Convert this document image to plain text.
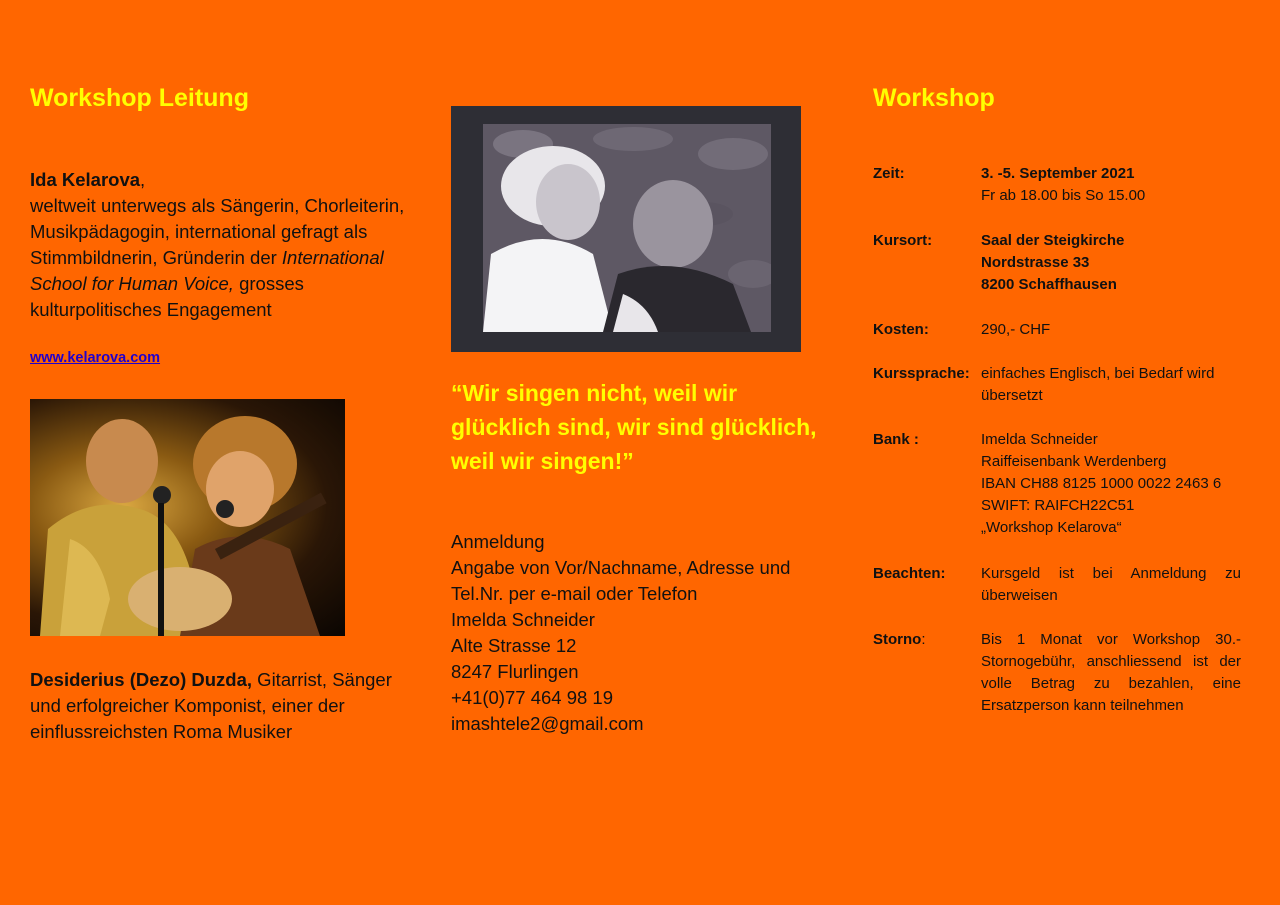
Workshop Leitung
Ida Kelarova,
weltweit unterwegs als Sängerin, Chorleiterin, Musikpädagogin, international gefragt als Stimmbildnerin, Gründerin der International School for Human Voice, grosses kulturpolitisches Engagement
www.kelarova.com
Desiderius (Dezo) Duzda, Gitarrist, Sänger und erfolgreicher Komponist, einer der einflussreichsten Roma Musiker
“Wir singen nicht, weil wir glücklich sind, wir sind glücklich, weil wir singen!”
Anmeldung
Angabe von Vor/Nachname, Adresse und
Tel.Nr. per e-mail oder Telefon
Imelda Schneider
Alte Strasse 12
8247 Flurlingen
+41(0)77 464 98 19
imashtele2@gmail.com
Workshop
Zeit:	3. -5. September 2021
Fr ab 18.00 bis So 15.00
Kursort:	Saal der Steigkirche
Nordstrasse 33
8200 Schaffhausen
Kosten:	290,- CHF
Kurssprache: einfaches Englisch, bei Bedarf wird übersetzt
Bank :	Imelda Schneider
Raiffeisenbank Werdenberg
IBAN CH88 8125 1000 0022 2463 6
SWIFT: RAIFCH22C51
„Workshop Kelarova“
Beachten: Kursgeld ist bei Anmeldung zu überweisen
Storno:	Bis 1 Monat vor Workshop 30.- Stornogebühr, anschliessend ist der volle Betrag zu bezahlen, eine Ersatzperson kann teilnehmen
